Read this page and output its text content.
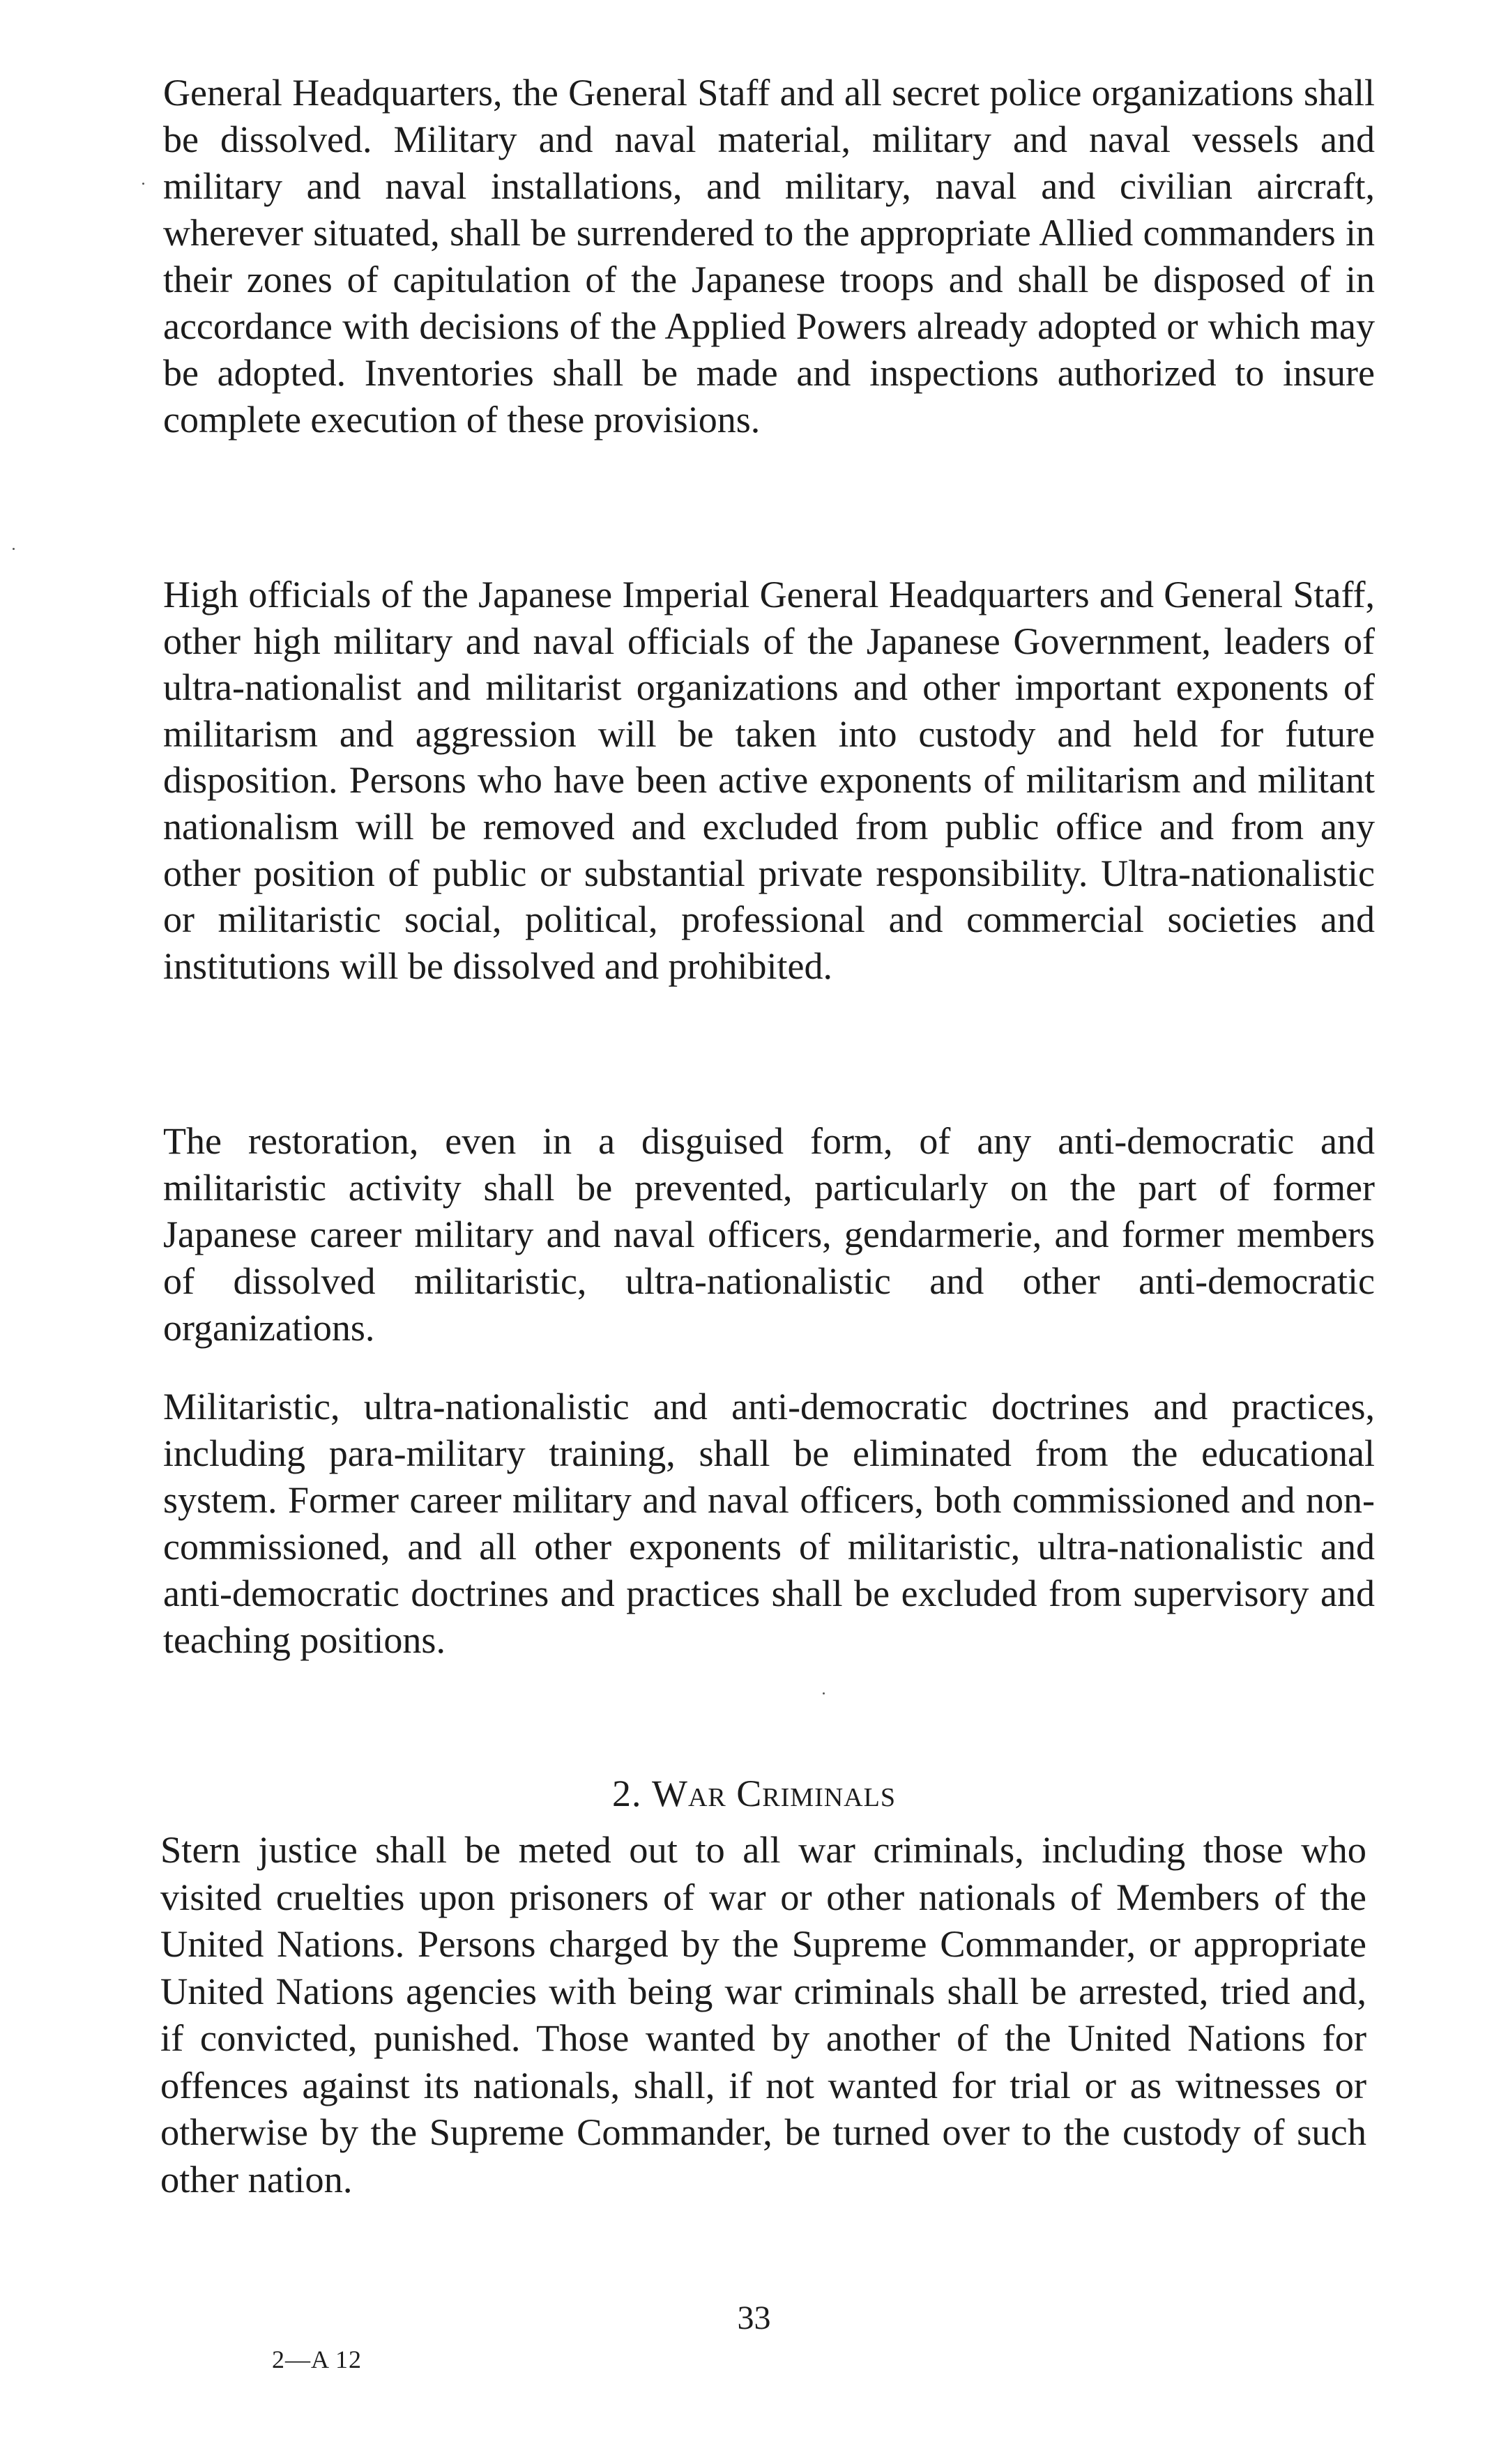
General Headquarters, the General Staff and all secret police organizations shall be dissolved. Military and naval material, military and naval vessels and military and naval installations, and military, naval and civilian aircraft, wherever situated, shall be surrendered to the appropriate Allied commanders in their zones of capitulation of the Japanese troops and shall be disposed of in accordance with decisions of the Applied Powers already adopted or which may be adopted. Inventories shall be made and inspections authorized to insure complete execution of these provisions.

High officials of the Japanese Imperial General Headquarters and General Staff, other high military and naval officials of the Japanese Government, leaders of ultra-nationalist and militarist organizations and other important exponents of militarism and aggression will be taken into custody and held for future disposition. Persons who have been active exponents of militarism and militant nationalism will be removed and excluded from public office and from any other position of public or substantial private responsibility. Ultra-nationalistic or militaristic social, political, professional and commercial societies and institutions will be dissolved and prohibited.

The restoration, even in a disguised form, of any anti-democratic and militaristic activity shall be prevented, particularly on the part of former Japanese career military and naval officers, gendarmerie, and former members of dissolved militaristic, ultra-nationalistic and other anti-democratic organizations.

Militaristic, ultra-nationalistic and anti-democratic doctrines and practices, including para-military training, shall be eliminated from the educational system. Former career military and naval officers, both commissioned and non-commissioned, and all other exponents of militaristic, ultra-nationalistic and anti-democratic doctrines and practices shall be excluded from supervisory and teaching positions.

2. War Criminals

Stern justice shall be meted out to all war criminals, including those who visited cruelties upon prisoners of war or other nationals of Members of the United Nations. Persons charged by the Supreme Commander, or appropriate United Nations agencies with being war criminals shall be arrested, tried and, if convicted, punished. Those wanted by another of the United Nations for offences against its nationals, shall, if not wanted for trial or as witnesses or otherwise by the Supreme Commander, be turned over to the custody of such other nation.

33
2—A 12
